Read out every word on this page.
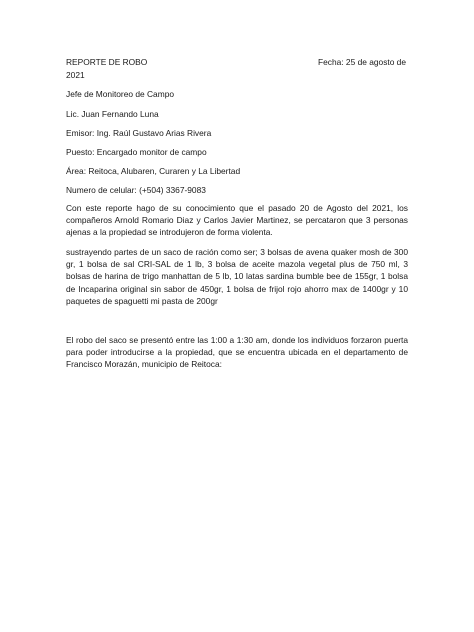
REPORTE DE ROBO	Fecha: 25 de agosto de
2021
Jefe de Monitoreo de Campo
Lic. Juan Fernando Luna
Emisor: Ing. Raúl Gustavo Arias Rivera
Puesto: Encargado monitor de campo
Área: Reitoca, Alubaren, Curaren y La Libertad
Numero de celular: (+504) 3367-9083

Con este reporte hago de su conocimiento que el pasado 20 de Agosto del 2021, los compañeros Arnold Romario Diaz y Carlos Javier Martinez, se percataron que 3 personas ajenas a la propiedad se introdujeron de forma violenta.

sustrayendo partes de un saco de ración como ser; 3 bolsas de avena quaker mosh de 300 gr, 1 bolsa de sal CRI-SAL de 1 lb, 3 bolsa de aceite mazola vegetal plus de 750 ml, 3 bolsas de harina de trigo manhattan de 5 lb, 10 latas sardina bumble bee de 155gr, 1 bolsa de Incaparina original sin sabor de 450gr, 1 bolsa de frijol rojo ahorro max de 1400gr y 10 paquetes de spaguetti mi pasta de 200gr

El robo del saco se presentó entre las 1:00 a 1:30 am, donde los individuos forzaron puerta para poder introducirse a la propiedad, que se encuentra ubicada en el departamento de Francisco Morazán, municipio de Reitoca:
